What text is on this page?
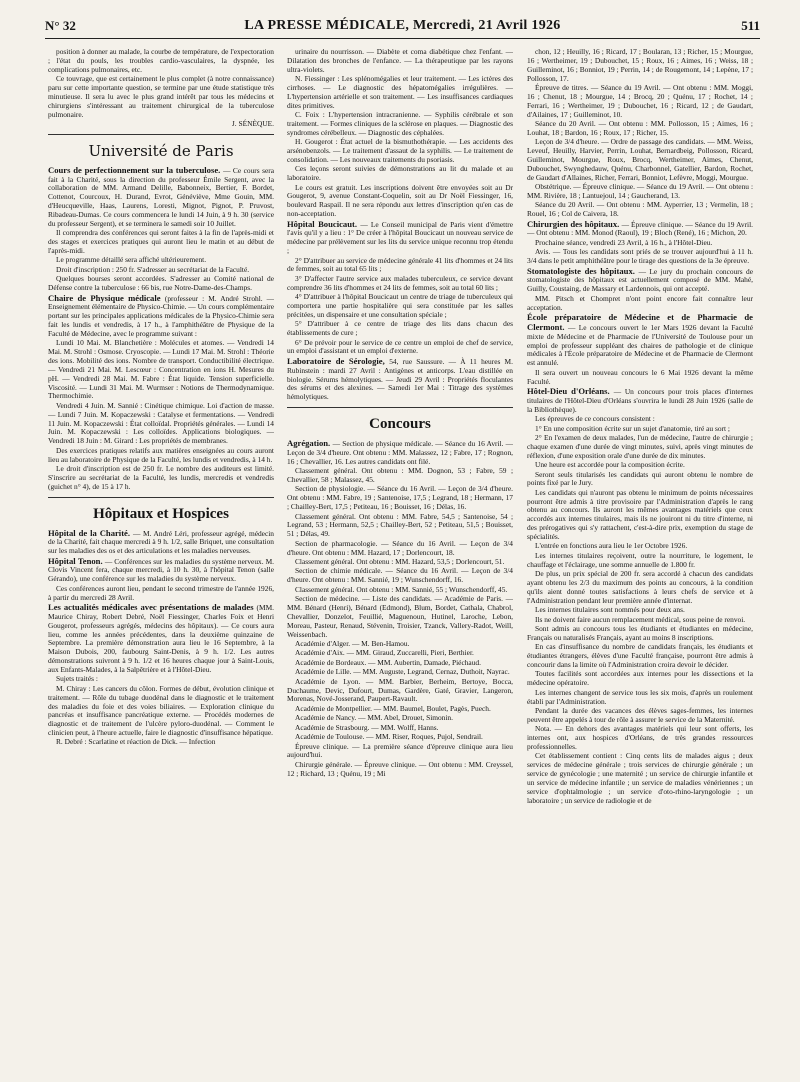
N° 32	LA PRESSE MÉDICALE, Mercredi, 21 Avril 1926	511

position à donner au malade, la courbe de température, de l'expectoration ; l'état du pouls, les troubles cardio-vasculaires, la dyspnée, les complications pulmonaires, etc.

Ce touvrage, que est certainement le plus complet (à notre connaissance) paru sur cette importante question, se termine par une étude statistique très minutieuse. Il sera lu avec le plus grand intérêt par tous les médecins et chirurgiens s'intéressant au traitement chirurgical de la tuberculose pulmonaire.

J. SÉNÈQUE.

Université de Paris

Cours de perfectionnement sur la tuberculose. — Ce cours sera fait à la Charité, sous la direction du professeur Émile Sergent, avec la collaboration de MM. Armand Delille, Babonneix, Bertier, F. Bordet, Cottenot, Courcoux, H. Durand, Evrot, Généviève, Mme Gouin, MM. d'Heucqueville, Haas, Laurens, Loresti, Mignot, Pignot, P. Pruvost, Ribadeau-Dumas. Ce cours commencera le lundi 14 Juin, à 9 h. 30 (service du professeur Sergent), et se terminera le samedi soir 10 Juillet.

Il comprendra des conférences qui seront faites à la fin de l'après-midi et des stages et exercices pratiques qui auront lieu le matin et au début de l'après-midi.

Le programme détaillé sera affiché ultérieurement.

Droit d'inscription : 250 fr. S'adresser au secrétariat de la Faculté.

Quelques bourses seront accordées. S'adresser au Comité national de Défense contre la tuberculose : 66 bis, rue Notre-Dame-des-Champs.

Chaire de Physique médicale (professeur : M. André Strohl. — Enseignement élémentaire de Physico-Chimie. — Un cours complémentaire portant sur les principales applications médicales de la Physico-Chimie sera fait les lundis et vendredis, à 17 h., à l'amphithéâtre de Physique de la Faculté de Médecine, avec le programme suivant :

Lundi 10 Mai. M. Blanchetière : Molécules et atomes. — Vendredi 14 Mai. M. Strohl : Osmose. Cryoscopie. — Lundi 17 Mai. M. Strohl : Théorie des ions. Mobilité des ions. Nombre de transport. Conductibilité électrique. — Vendredi 21 Mai. M. Lescœur : Concentration en ions H. Mesures du pH. — Vendredi 28 Mai. M. Fabre : État liquide. Tension superficielle. Viscosité. — Lundi 31 Mai. M. Wurmser : Notions de Thermodynamique. Thermochimie.

Vendredi 4 Juin. M. Sannié : Cinétique chimique. Loi d'action de masse. — Lundi 7 Juin. M. Kopaczewski : Catalyse et fermentations. — Vendredi 11 Juin. M. Kopaczewski : État colloïdal. Propriétés générales. — Lundi 14 Juin. M. Kopaczewski : Les colloïdes. Applications biologiques. — Vendredi 18 Juin : M. Girard : Les propriétés de membranes.

Des exercices pratiques relatifs aux matières enseignées au cours auront lieu au laboratoire de Physique de la Faculté, les lundis et vendredis, à 14 h.

Le droit d'inscription est de 250 fr. Le nombre des auditeurs est limité. S'inscrire au secrétariat de la Faculté, les lundis, mercredis et vendredis (guichet n° 4), de 15 à 17 h.

Hôpitaux et Hospices

Hôpital de la Charité. — M. André Léri, professeur agrégé, médecin de la Charité, fait chaque mercredi à 9 h. 1/2, salle Briquet, une consultation sur les maladies des os et des articulations et les maladies nerveuses.

Hôpital Tenon. — Conférences sur les maladies du système nerveux. M. Clovis Vincent fera, chaque mercredi, à 10 h. 30, à l'hôpital Tenon (salle Gérando), une conférence sur les maladies du système nerveux.

Ces conférences auront lieu, pendant le second trimestre de l'année 1926, à partir du mercredi 28 Avril.

Les actualités médicales avec présentations de malades (MM. Maurice Chiray, Robert Debré, Noël Fiessinger, Charles Foix et Henri Gougerot, professeurs agrégés, médecins des hôpitaux). — Ce cours aura lieu, comme les années précédentes, dans la deuxième quinzaine de Septembre. La première démonstration aura lieu le 16 Septembre, à la Maison Dubois, 200, faubourg Saint-Denis, à 9 h. 1/2. Les autres démonstrations suivront à 9 h. 1/2 et 16 heures chaque jour à Saint-Louis, aux Enfants-Malades, à la Salpêtrière et à l'Hôtel-Dieu.

Sujets traités :

M. Chiray : Les cancers du côlon. Formes de début, évolution clinique et traitement. — Rôle du tubage duodénal dans le diagnostic et le traitement des maladies du foie et des voies biliaires. — Exploration clinique du pancréas et insuffisance pancréatique externe. — Procédés modernes de diagnostic et de traitement de l'ulcère pyloro-duodénal. — Comment le clinicien peut, à l'heure actuelle, faire le diagnostic d'insuffisance hépatique.

R. Debré : Scarlatine et réaction de Dick. — Infection

urinaire du nourrisson. — Diabète et coma diabétique chez l'enfant. — Dilatation des bronches de l'enfance. — La thérapeutique par les rayons ultra-violets.

N. Fiessinger : Les splénomégalies et leur traitement. — Les ictères des cirrhoses. — Le diagnostic des hépatomégalies irrégulières. — L'hypertension artérielle et son traitement. — Les insuffisances cardiaques dites primitives.

C. Foix : L'hypertension intracranienne. — Syphilis cérébrale et son traitement. — Formes cliniques de la sclérose en plaques. — Diagnostic des syndromes cérébelleux. — Diagnostic des céphalées.

H. Gougerot : État actuel de la bismuthothérapie. — Les accidents des arsénobenzols. — Le traitement d'assaut de la syphilis. — Le traitement de consolidation. — Les nouveaux traitements du psoriasis.

Ces leçons seront suivies de démonstrations au lit du malade et au laboratoire.

Le cours est gratuit. Les inscriptions doivent être envoyées soit au Dr Gougerot, 9, avenue Constant-Coquelin, soit au Dr Noël Fiessinger, 16, boulevard Raspail. Il ne sera répondu aux lettres d'inscription qu'en cas de non-acceptation.

Hôpital Boucicaut. — Le Conseil municipal de Paris vient d'émettre l'avis qu'il y a lieu : 1° De créer à l'hôpital Boucicaut un nouveau service de médecine par prélèvement sur les lits du service unique reconnu trop étendu ;

2° D'attribuer au service de médecine générale 41 lits d'hommes et 24 lits de femmes, soit au total 65 lits ;

3° D'affecter l'autre service aux malades tuberculeux, ce service devant comprendre 36 lits d'hommes et 24 lits de femmes, soit au total 60 lits ;

4° D'attribuer à l'hôpital Boucicaut un centre de triage de tuberculeux qui comportera une partie hospitalière qui sera constituée par les salles précitées, un dispensaire et une consultation spéciale ;

5° D'attribuer à ce centre de triage des lits dans chacun des établissements de cure ;

6° De prévoir pour le service de ce centre un emploi de chef de service, un emploi d'assistant et un emploi d'externe.

Laboratoire de Sérologie, 54, rue Saussure. — À 11 heures M. Rubinstein : mardi 27 Avril : Antigènes et anticorps. L'eau distillée en biologie. Sérums hémolytiques. — Jeudi 29 Avril : Propriétés floculantes des sérums et des alexines. — Samedi 1er Mai : Titrage des systèmes hémolytiques.

Concours

Agrégation. — Section de physique médicale. — Séance du 16 Avril. — Leçon de 3/4 d'heure. Ont obtenu : MM. Malassez, 12 ; Fabre, 17 ; Rognon, 16 ; Chevallier, 16. Les autres candidats ont filé.

Classement général. Ont obtenu : MM. Dognon, 53 ; Fabre, 59 ; Chevallier, 58 ; Malassez, 45.

Section de physiologie. — Séance du 16 Avril. — Leçon de 3/4 d'heure. Ont obtenu : MM. Fabre, 19 ; Santenoise, 17,5 ; Legrand, 18 ; Hermann, 17 ; Chailley-Bert, 17,5 ; Petiteau, 16 ; Bouisset, 16 ; Délas, 16.

Classement général. Ont obtenu : MM. Fabre, 54,5 ; Santenoise, 54 ; Legrand, 53 ; Hermann, 52,5 ; Chailley-Bert, 52 ; Petiteau, 51,5 ; Bouisset, 51 ; Délas, 49.

Section de pharmacologie. — Séance du 16 Avril. — Leçon de 3/4 d'heure. Ont obtenu : MM. Hazard, 17 ; Dorlencourt, 18.

Classement général. Ont obtenu : MM. Hazard, 53,5 ; Dorlencourt, 51.

Section de chimie médicale. — Séance du 16 Avril. — Leçon de 3/4 d'heure. Ont obtenu : MM. Sannié, 19 ; Wunschendorff, 16.

Classement général. Ont obtenu : MM. Sannié, 55 ; Wunschendorff, 45.

Section de médecine. — Liste des candidats. — Académie de Paris. — MM. Bénard (Henri), Bénard (Edmond), Blum, Bordet, Cathala, Chabrol, Chevallier, Donzelot, Feuillié, Maguenoun, Hutinel, Laroche, Lebon, Moreau, Pasteur, Renaud, Stévenin, Troisier, Tzanck, Vallery-Radot, Weill, Weissenbach.

Académie d'Alger. — M. Ben-Hamou.

Académie d'Aix. — MM. Giraud, Zuccarelli, Pieri, Berthier.

Académie de Bordeaux. — MM. Aubertin, Damade, Piéchaud.

Académie de Lille. — MM. Auguste, Legrand, Cernaz, Duthoit, Nayrac.

Académie de Lyon. — MM. Barbier, Berheim, Bertoye, Bocca, Duchaume, Devic, Dufourt, Dumas, Gardère, Gaté, Gravier, Langeron, Morenas, Nové-Josserand, Paupert-Ravault.

Académie de Montpellier. — MM. Baumel, Boulet, Pagès, Puech.

Académie de Nancy. — MM. Abel, Drouet, Simonin.

Académie de Strasbourg. — MM. Wolff, Hanns.

Académie de Toulouse. — MM. Riser, Roques, Pujol, Sendrail.

Épreuve clinique. — La première séance d'épreuve clinique aura lieu aujourd'hui.

Chirurgie générale. — Épreuve clinique. — Ont obtenu : MM. Creyssel, 12 ; Richard, 13 ; Quénu, 19 ; Mi

chon, 12 ; Heuilly, 16 ; Ricard, 17 ; Boularan, 13 ; Richer, 15 ; Mourgue, 16 ; Wertheimer, 19 ; Dubouchet, 15 ; Roux, 16 ; Aimes, 16 ; Weiss, 18 ; Guilleminot, 16 ; Bonniot, 19 ; Perrin, 14 ; de Rougemont, 14 ; Lepène, 17 ; Pollosson, 17.

Épreuve de titres. — Séance du 19 Avril. — Ont obtenu : MM. Moggi, 16 ; Chenut, 18 ; Mourgue, 14 ; Brocq, 20 ; Quénu, 17 ; Rochet, 14 ; Ferrari, 16 ; Wertheimer, 19 ; Dubouchet, 16 ; Ricard, 12 ; de Gaudart, d'Ailaines, 17 ; Guilleminot, 10.

Séance du 20 Avril. — Ont obtenu : MM. Pollosson, 15 ; Aimes, 16 ; Louhat, 18 ; Bardon, 16 ; Roux, 17 ; Richer, 15.

Leçon de 3/4 d'heure. — Ordre de passage des candidats. — MM. Weiss, Leveuf, Heuilly, Harvier, Perrin, Louhat, Bernardbeig, Pollosson, Ricard, Guilleminot, Mourgue, Roux, Brocq, Wertheimer, Aimes, Chenut, Dubouchet, Swynghedauw, Quénu, Charbonnel, Gatellier, Bardon, Rochet, de Gaudart d'Allaines, Richer, Ferrari, Bonniot, Lefèvre, Moggi, Mourgue.

Obstétrique. — Épreuve clinique. — Séance du 19 Avril. — Ont obtenu : MM. Rivière, 18 ; Lantuejoul, 14 ; Gaucherand, 13.

Séance du 20 Avril. — Ont obtenu : MM. Ayperrier, 13 ; Vermelin, 18 ; Rouel, 16 ; Col de Caivera, 18.

Chirurgien des hôpitaux. — Épreuve clinique. — Séance du 19 Avril. — Ont obtenu : MM. Monod (Raoul), 19 ; Bloch (René), 16 ; Michon, 20.

Prochaine séance, vendredi 23 Avril, à 16 h., à l'Hôtel-Dieu.

Avis. — Tous les candidats sont priés de se trouver aujourd'hui à 11 h. 3/4 dans le petit amphithéâtre pour le tirage des questions de la 3e épreuve.

Stomatologiste des hôpitaux. — Le jury du prochain concours de stomatologiste des hôpitaux est actuellement composé de MM. Mahé, Guilly, Coustaing, de Massary et Lardennois, qui ont accepté.

MM. Pitsch et Chompret n'ont point encore fait connaître leur acceptation.

École préparatoire de Médecine et de Pharmacie de Clermont. — Le concours ouvert le 1er Mars 1926 devant la Faculté mixte de Médecine et de Pharmacie de l'Université de Toulouse pour un emploi de professeur suppléant des chaires de pathologie et de clinique médicales à l'École préparatoire de Médecine et de Pharmacie de Clermont est annulé.

Il sera ouvert un nouveau concours le 6 Mai 1926 devant la même Faculté.

Hôtel-Dieu d'Orléans. — Un concours pour trois places d'internes titulaires de l'Hôtel-Dieu d'Orléans s'ouvrira le lundi 28 Juin 1926 (salle de la Bibliothèque).

Les épreuves de ce concours consistent :

1° En une composition écrite sur un sujet d'anatomie, tiré au sort ;

2° En l'examen de deux malades, l'un de médecine, l'autre de chirurgie ; chaque examen d'une durée de vingt minutes, suivi, après vingt minutes de réflexion, d'une exposition orale d'une durée de dix minutes.

Une heure est accordée pour la composition écrite.

Seront seuls titularisés les candidats qui auront obtenu le nombre de points fixé par le Jury.

Les candidats qui n'auront pas obtenu le minimum de points nécessaires pourront être admis à titre provisoire par l'Administration d'après le rang obtenu au concours. Ils auront les mêmes avantages matériels que ceux accordés aux internes titulaires, mais ils ne jouiront ni du titre d'interne, ni des prérogatives qui s'y rattachent, c'est-à-dire prix, exemption du stage de spécialités.

L'entrée en fonctions aura lieu le 1er Octobre 1926.

Les internes titulaires reçoivent, outre la nourriture, le logement, le chauffage et l'éclairage, une somme annuelle de 1.800 fr.

De plus, un prix spécial de 200 fr. sera accordé à chacun des candidats ayant obtenu les 2/3 du maximum des points au concours, à la condition qu'ils aient donné toutes satisfactions à leurs chefs de service et à l'Administration pendant leur première année d'internat.

Les internes titulaires sont nommés pour deux ans.

Ils ne doivent faire aucun remplacement médical, sous peine de renvoi.

Sont admis au concours tous les étudiants et étudiantes en médecine, Français ou naturalisés Français, ayant au moins 8 inscriptions.

En cas d'insuffisance du nombre de candidats français, les étudiants et étudiantes étrangers, élèves d'une Faculté française, pourront être admis à concourir dans la limite où l'Administration croira devoir le décider.

Toutes facilités sont accordées aux internes pour les dissections et la médecine opératoire.

Les internes changent de service tous les six mois, d'après un roulement établi par l'Administration.

Pendant la durée des vacances des élèves sages-femmes, les internes peuvent être appelés à tour de rôle à assurer le service de la Maternité.

Nota. — En dehors des avantages matériels qui leur sont offerts, les internes ont, aux hospices d'Orléans, de très grandes ressources professionnelles.

Cet établissement contient : Cinq cents lits de malades aigus ; deux services de médecine générale ; trois services de chirurgie générale ; un service de gynécologie ; une maternité ; un service de chirurgie infantile et un service de médecine infantile ; un service de maladies vénériennes ; un service d'ophtalmologie ; un service d'oto-rhino-laryngologie ; un laboratoire ; un service de radiologie et de
